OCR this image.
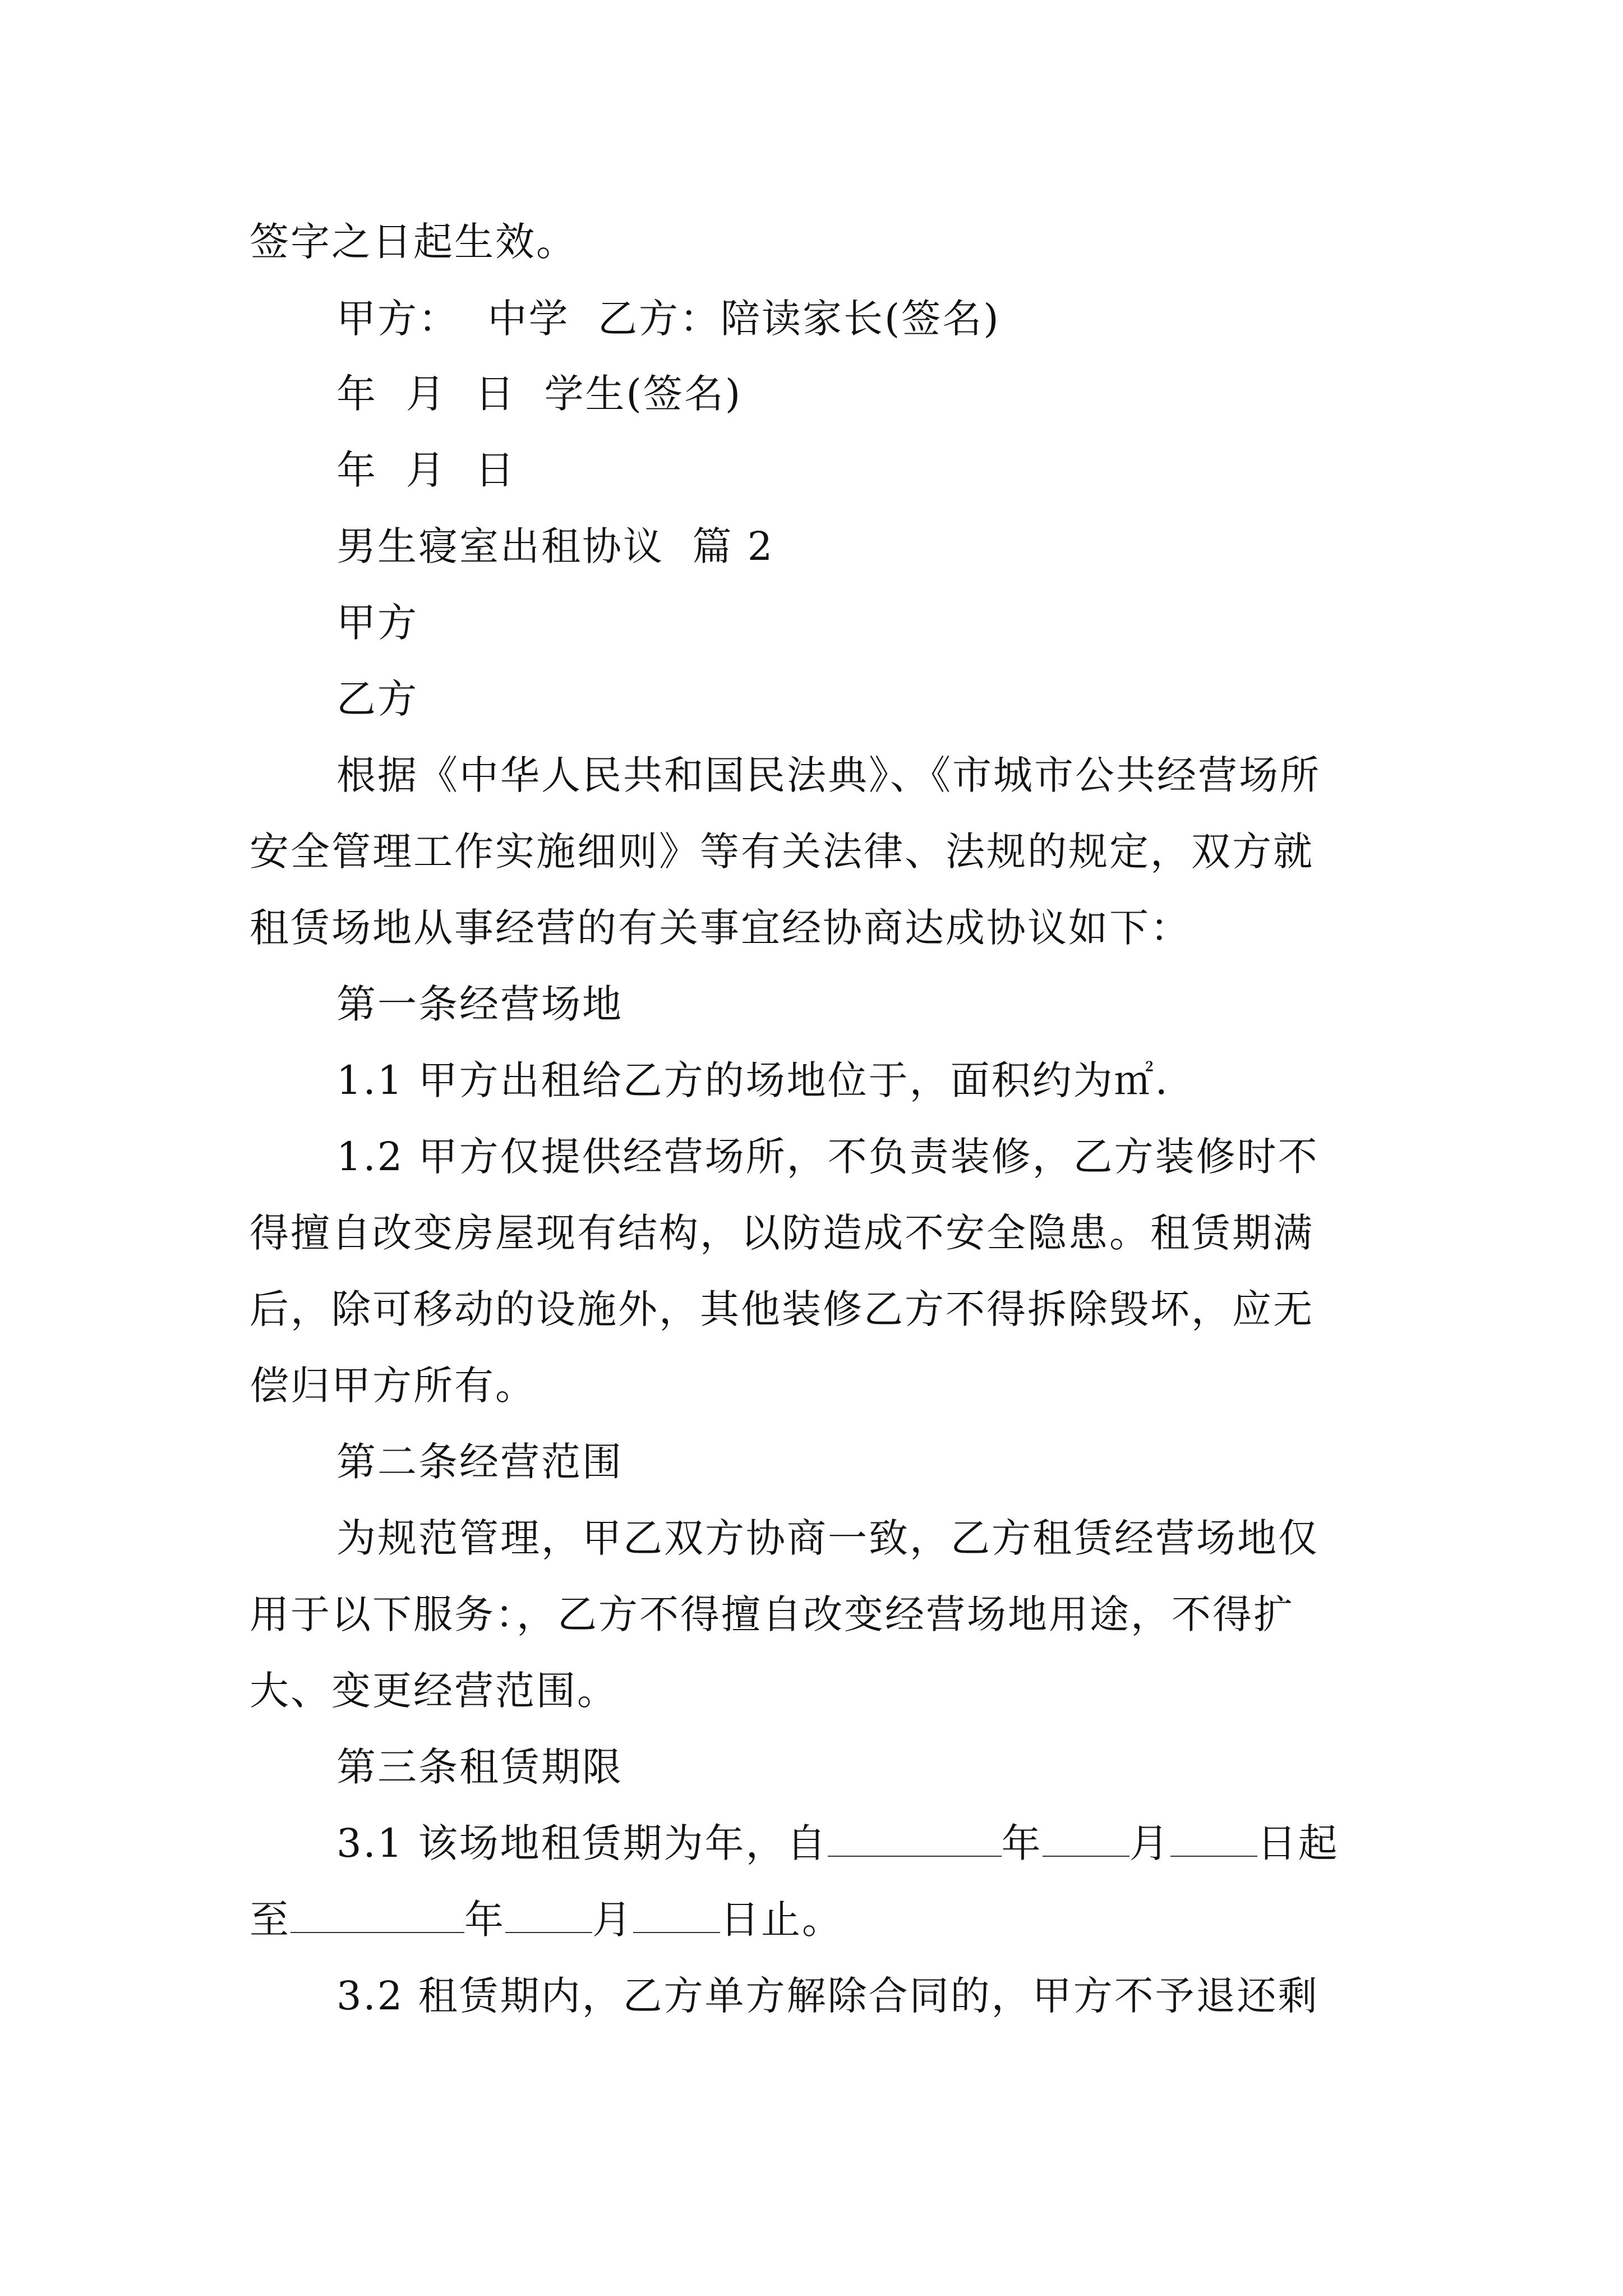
签字之日起生效。

甲方：  中学  乙方：陪读家长(签名)

年  月  日  学生(签名)

年  月  日

男生寝室出租协议  篇 2

甲方

乙方

根据《中华人民共和国民法典》、《市城市公共经营场所

安全管理工作实施细则》等有关法律、法规的规定，双方就

租赁场地从事经营的有关事宜经协商达成协议如下：

第一条经营场地

1.1 甲方出租给乙方的场地位于，面积约为㎡.

1.2 甲方仅提供经营场所，不负责装修，乙方装修时不

得擅自改变房屋现有结构，以防造成不安全隐患。租赁期满

后，除可移动的设施外，其他装修乙方不得拆除毁坏，应无

偿归甲方所有。

第二条经营范围

为规范管理，甲乙双方协商一致，乙方租赁经营场地仅

用于以下服务：，乙方不得擅自改变经营场地用途，不得扩

大、变更经营范围。

第三条租赁期限

3.1 该场地租赁期为年，自	年 月 日起

至	年 月 日止。

3.2 租赁期内，乙方单方解除合同的，甲方不予退还剩
